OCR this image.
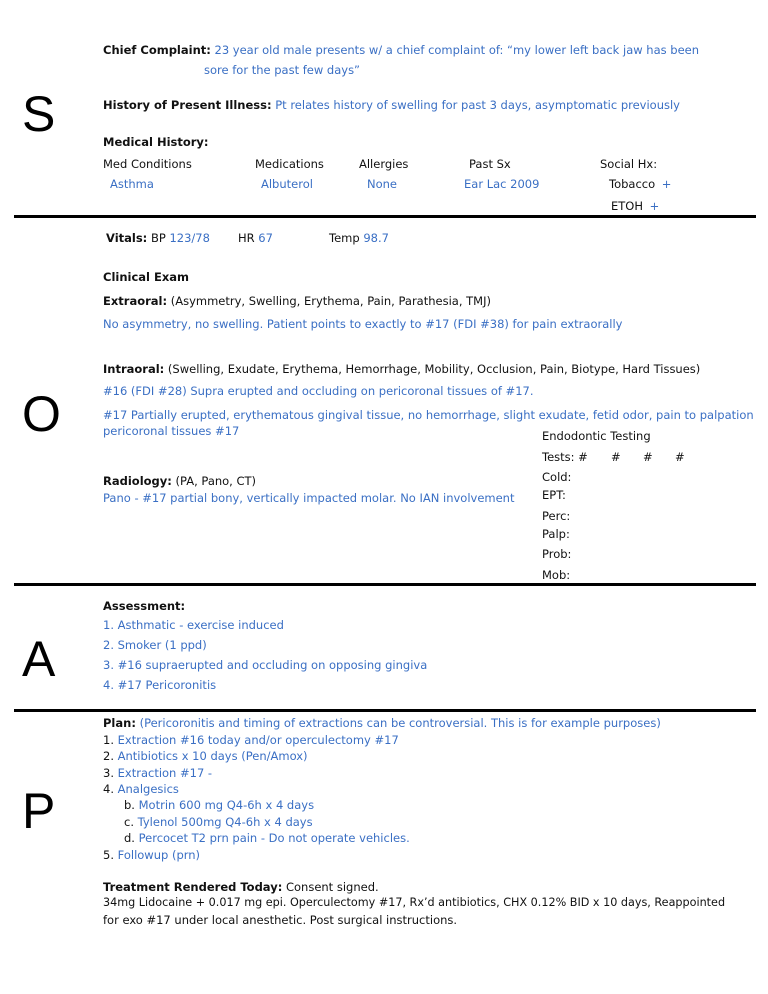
S
O
A
P
Chief Complaint: 23 year old male presents w/ a chief complaint of: “my lower left back jaw has been
sore for the past few days”
History of Present Illness: Pt relates history of swelling for past 3 days, asymptomatic previously
Medical History:
Med Conditions	Medications	Allergies	Past Sx	Social Hx:
Asthma	Albuterol	None	Ear Lac 2009	Tobacco +
ETOH +
Vitals: BP 123/78 HR 67	Temp 98.7
Clinical Exam
Extraoral: (Asymmetry, Swelling, Erythema, Pain, Parathesia, TMJ)
No asymmetry, no swelling. Patient points to exactly to #17 (FDI #38) for pain extraorally
Intraoral: (Swelling, Exudate, Erythema, Hemorrhage, Mobility, Occlusion, Pain, Biotype, Hard Tissues)
#16 (FDI #28) Supra erupted and occluding on pericoronal tissues of #17.
#17 Partially erupted, erythematous gingival tissue, no hemorrhage, slight exudate, fetid odor, pain to palpation
pericoronal tissues #17
Radiology: (PA, Pano, CT)
Pano - #17 partial bony, vertically impacted molar. No IAN involvement
Endodontic Testing
Tests: # # # #
Cold:
EPT:
Perc:
Palp:
Prob:
Mob:
Assessment:
1. Asthmatic - exercise induced
2. Smoker (1 ppd)
3. #16 supraerupted and occluding on opposing gingiva
4. #17 Pericoronitis
Plan: (Pericoronitis and timing of extractions can be controversial. This is for example purposes)
1. Extraction #16 today and/or operculectomy #17
2. Antibiotics x 10 days (Pen/Amox)
3. Extraction #17 -
4. Analgesics
b. Motrin 600 mg Q4-6h x 4 days
c. Tylenol 500mg Q4-6h x 4 days
d. Percocet T2 prn pain - Do not operate vehicles.
5. Followup (prn)
Treatment Rendered Today: Consent signed.
34mg Lidocaine + 0.017 mg epi. Operculectomy #17, Rx’d antibiotics, CHX 0.12% BID x 10 days, Reappointed
for exo #17 under local anesthetic. Post surgical instructions.
